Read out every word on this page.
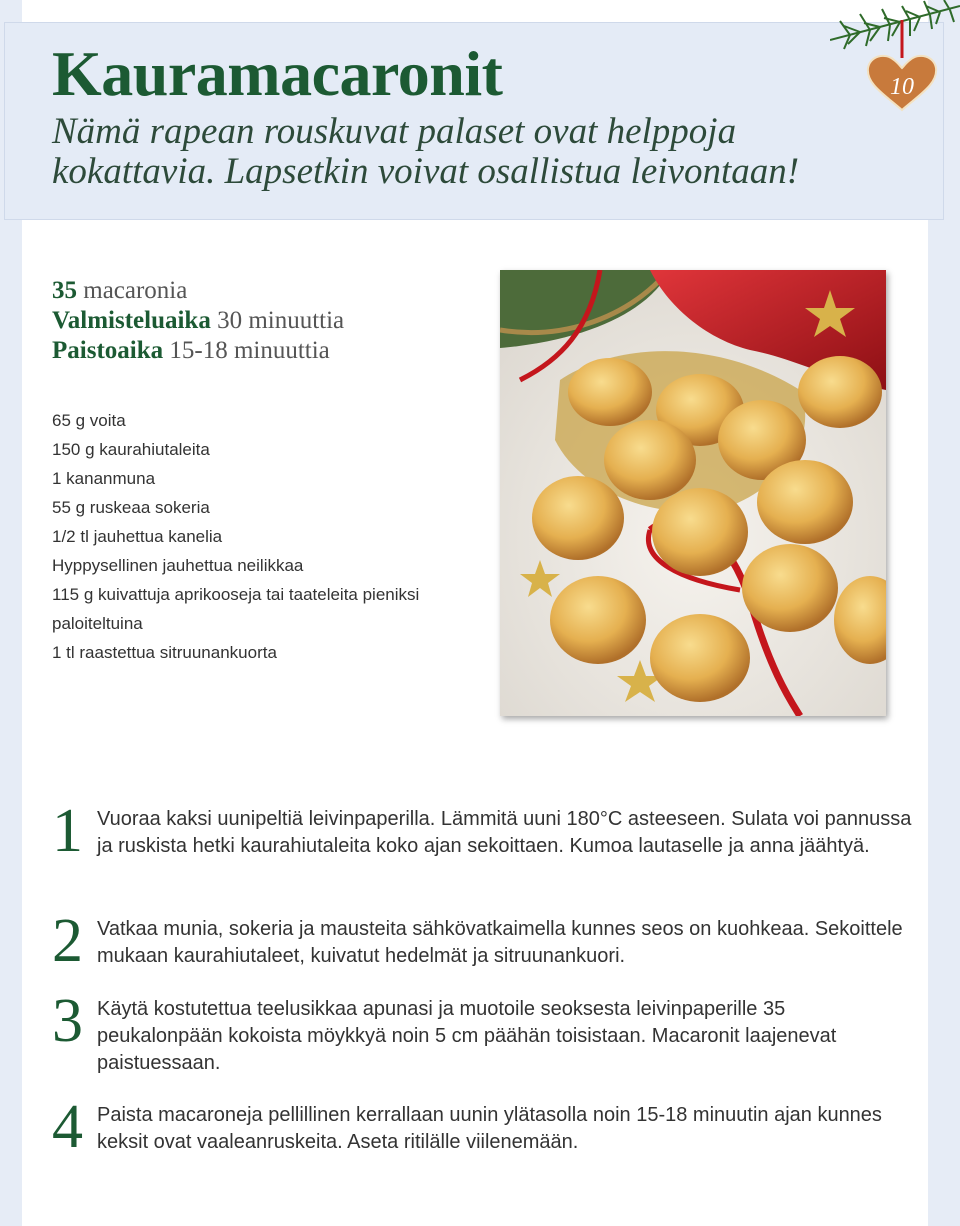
Kauramacaronit
Nämä rapean rouskuvat palaset ovat helppoja kokattavia. Lapsetkin voivat osallistua leivontaan!
10
35 macaronia
Valmisteluaika 30 minuuttia
Paistoaika 15-18 minuuttia
65 g voita
150 g kaurahiutaleita
1 kananmuna
55 g ruskeaa sokeria
1/2 tl jauhettua kanelia
Hyppysellinen jauhettua neilikkaa
115 g kuivattuja aprikooseja tai taateleita pieniksi
paloiteltuina
1 tl raastettua sitruunankuorta
1 Vuoraa kaksi uunipeltiä leivinpaperilla. Lämmitä uuni 180°C asteeseen. Sulata voi pannussa ja ruskista hetki kaurahiutaleita koko ajan sekoittaen. Kumoa lautaselle ja anna jäähtyä.
2 Vatkaa munia, sokeria ja mausteita sähkövatkaimella kunnes seos on kuohkeaa. Sekoittele mukaan kaurahiutaleet, kuivatut hedelmät ja sitruunankuori.
3 Käytä kostutettua teelusikkaa apunasi ja muotoile seoksesta leivinpaperille 35 peukalonpään kokoista möykkyä noin 5 cm päähän toisistaan. Macaronit laajenevat paistuessaan.
4 Paista macaroneja pellillinen kerrallaan uunin ylätasolla noin 15-18 minuutin ajan kunnes keksit ovat vaaleanruskeita. Aseta ritilälle viilenemään.
